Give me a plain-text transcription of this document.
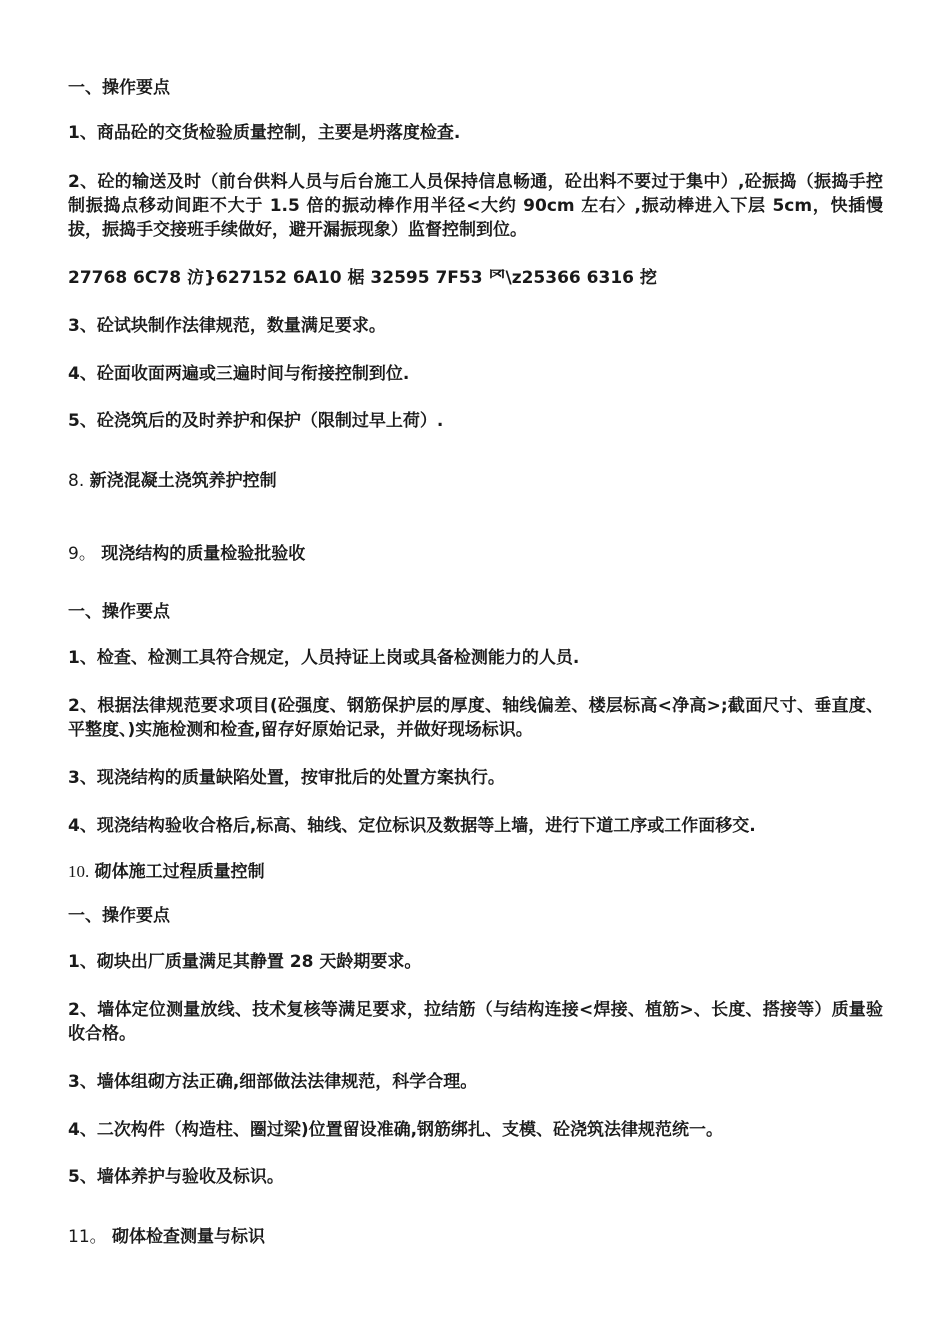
一、操作要点

1、商品砼的交货检验质量控制，主要是坍落度检查.

2、砼的输送及时（前台供料人员与后台施工人员保持信息畅通，砼出料不要过于集中）,砼振捣（振捣手控制振捣点移动间距不大于 1.5 倍的振动棒作用半径<大约 90cm 左右〉,振动棒进入下层 5cm，快插慢拔，振捣手交接班手续做好，避开漏振现象）监督控制到位。

27768 6C78 汸}627152 6A10 椐 32595 7F53 罓\z25366 6316 挖

3、砼试块制作法律规范，数量满足要求。

4、砼面收面两遍或三遍时间与衔接控制到位.

5、砼浇筑后的及时养护和保护（限制过早上荷）.

8. 新浇混凝土浇筑养护控制

9。 现浇结构的质量检验批验收

一、操作要点

1、检查、检测工具符合规定，人员持证上岗或具备检测能力的人员.

2、根据法律规范要求项目(砼强度、钢筋保护层的厚度、轴线偏差、楼层标高<净高>;截面尺寸、垂直度、平整度、)实施检测和检查,留存好原始记录，并做好现场标识。

3、现浇结构的质量缺陷处置，按审批后的处置方案执行。

4、现浇结构验收合格后,标高、轴线、定位标识及数据等上墙，进行下道工序或工作面移交.

10. 砌体施工过程质量控制

一、操作要点

1、砌块出厂质量满足其静置 28 天龄期要求。

2、墙体定位测量放线、技术复核等满足要求，拉结筋（与结构连接<焊接、植筋>、长度、搭接等）质量验收合格。

3、墙体组砌方法正确,细部做法法律规范，科学合理。

4、二次构件（构造柱、圈过梁)位置留设准确,钢筋绑扎、支模、砼浇筑法律规范统一。

5、墙体养护与验收及标识。

11。 砌体检查测量与标识
